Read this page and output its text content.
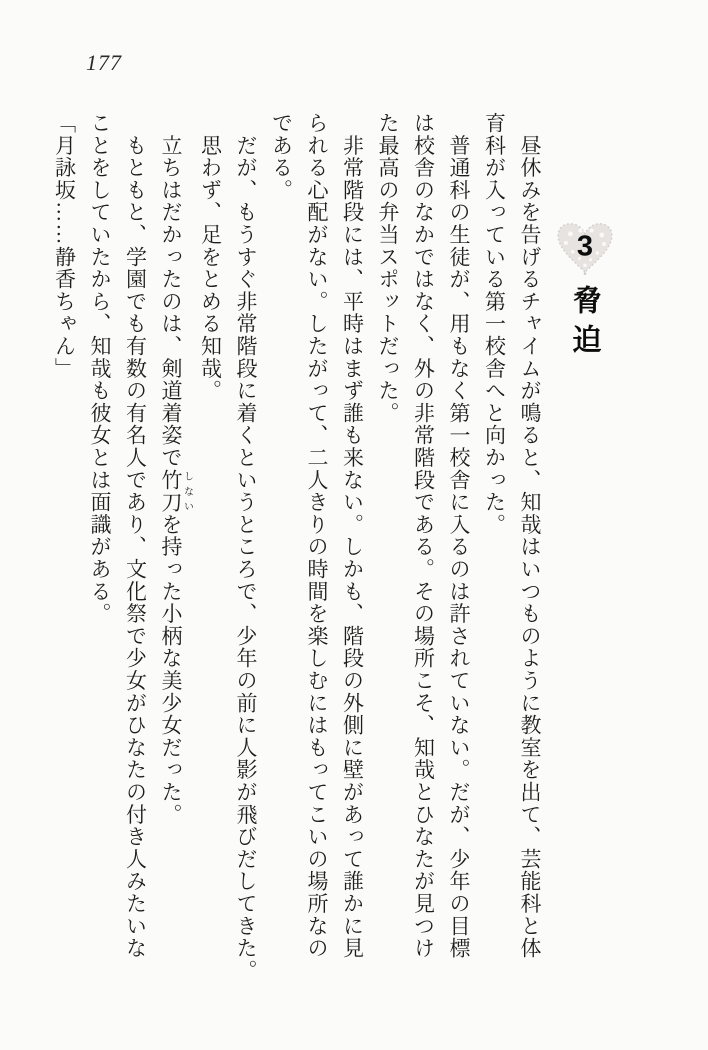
177
3
脅迫

　昼休みを告げるチャイムが鳴ると、知哉はいつものように教室を出て、芸能科と体

育科が入っている第一校舎へと向かった。

　普通科の生徒が、用もなく第一校舎に入るのは許されていない。だが、少年の目標

は校舎のなかではなく、外の非常階段である。その場所こそ、知哉とひなたが見つけ

た最高の弁当スポットだった。

　非常階段には、平時はまず誰も来ない。しかも、階段の外側に壁があって誰かに見

られる心配がない。したがって、二人きりの時間を楽しむにはもってこいの場所なの

である。

　だが、もうすぐ非常階段に着くというところで、少年の前に人影が飛びだしてきた。

　思わず、足をとめる知哉。

　立ちはだかったのは、剣道着姿で竹刀しないを持った小柄な美少女だった。

　もともと、学園でも有数の有名人であり、文化祭で少女がひなたの付き人みたいな

ことをしていたから、知哉も彼女とは面識がある。

「月詠坂……静香ちゃん」
